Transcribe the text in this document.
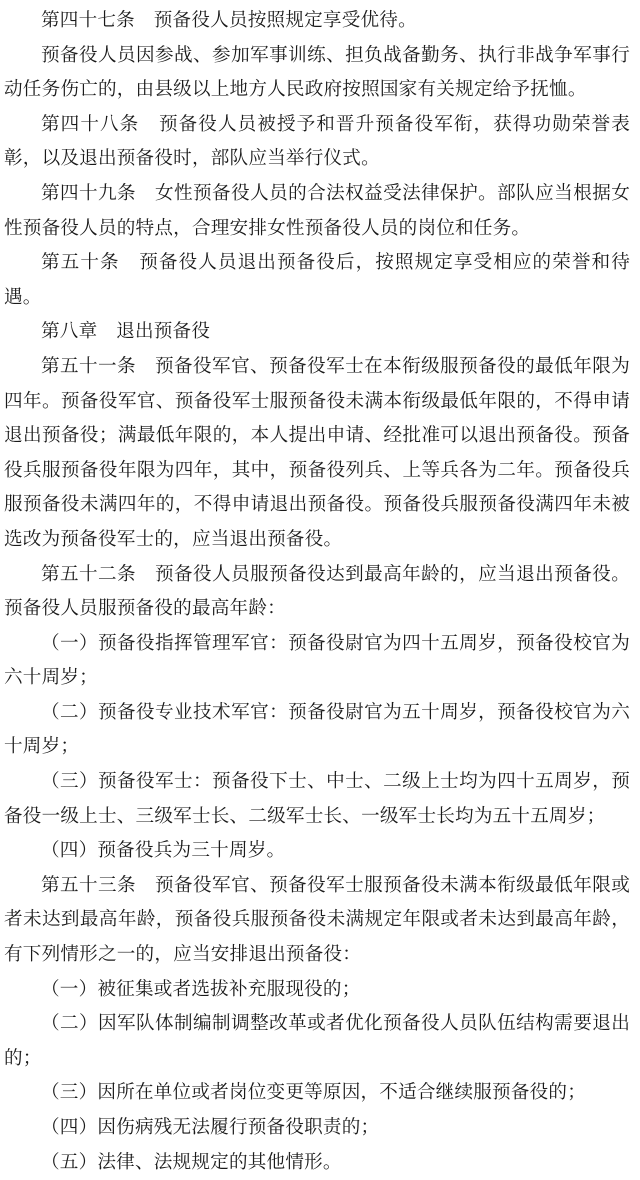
第四十七条　预备役人员按照规定享受优待。

预备役人员因参战、参加军事训练、担负战备勤务、执行非战争军事行动任务伤亡的，由县级以上地方人民政府按照国家有关规定给予抚恤。

第四十八条　预备役人员被授予和晋升预备役军衔，获得功勋荣誉表彰，以及退出预备役时，部队应当举行仪式。

第四十九条　女性预备役人员的合法权益受法律保护。部队应当根据女性预备役人员的特点，合理安排女性预备役人员的岗位和任务。

第五十条　预备役人员退出预备役后，按照规定享受相应的荣誉和待遇。

第八章　退出预备役

第五十一条　预备役军官、预备役军士在本衔级服预备役的最低年限为四年。预备役军官、预备役军士服预备役未满本衔级最低年限的，不得申请退出预备役；满最低年限的，本人提出申请、经批准可以退出预备役。预备役兵服预备役年限为四年，其中，预备役列兵、上等兵各为二年。预备役兵服预备役未满四年的，不得申请退出预备役。预备役兵服预备役满四年未被选改为预备役军士的，应当退出预备役。

第五十二条　预备役人员服预备役达到最高年龄的，应当退出预备役。预备役人员服预备役的最高年龄：

（一）预备役指挥管理军官：预备役尉官为四十五周岁，预备役校官为六十周岁；

（二）预备役专业技术军官：预备役尉官为五十周岁，预备役校官为六十周岁；

（三）预备役军士：预备役下士、中士、二级上士均为四十五周岁，预备役一级上士、三级军士长、二级军士长、一级军士长均为五十五周岁；

（四）预备役兵为三十周岁。

第五十三条　预备役军官、预备役军士服预备役未满本衔级最低年限或者未达到最高年龄，预备役兵服预备役未满规定年限或者未达到最高年龄，有下列情形之一的，应当安排退出预备役：

（一）被征集或者选拔补充服现役的；

（二）因军队体制编制调整改革或者优化预备役人员队伍结构需要退出的；

（三）因所在单位或者岗位变更等原因，不适合继续服预备役的；

（四）因伤病残无法履行预备役职责的；

（五）法律、法规规定的其他情形。
